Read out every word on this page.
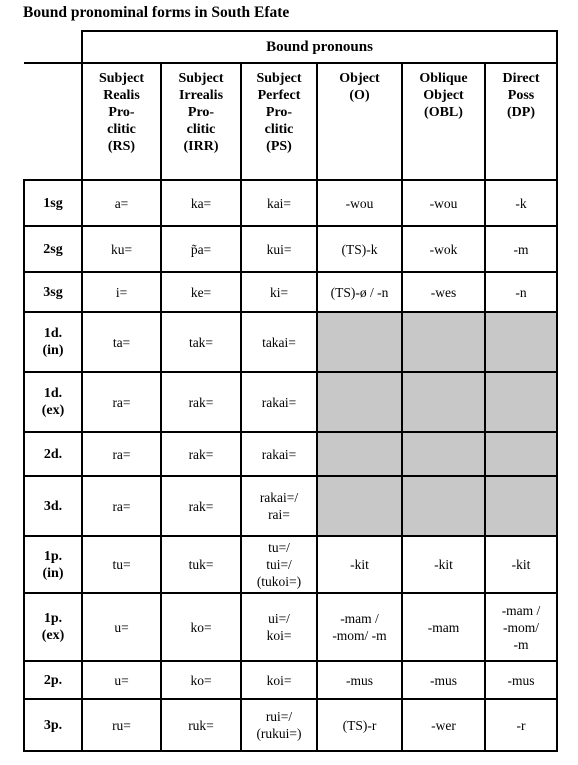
Bound pronominal forms in South Efate
	Bound pronouns					

	Subject
Realis
Pro-
clitic
(RS)	Subject
Irrealis
Pro-
clitic
(IRR)	Subject
Perfect
Pro-
clitic
(PS)	Object
(O)	Oblique
Object
(OBL)	Direct
Poss
(DP)

1sg	a=	ka=	kai=	-wou	-wou	-k

2sg	ku=	p̃a=	kui=	(TS)-k	-wok	-m

3sg	i=	ke=	ki=	(TS)-ø / -n	-wes	-n

1d.
(in)	ta=	tak=	takai=			

1d.
(ex)	ra=	rak=	rakai=			

2d.	ra=	rak=	rakai=			

3d.	ra=	rak=	rakai=/
rai=			

1p.
(in)	tu=	tuk=	tu=/
tui=/
(tukoi=)	-kit	-kit	-kit

1p.
(ex)	u=	ko=	ui=/
koi=	-mam /
-mom/ -m	-mam	-mam /
-mom/
-m

2p.	u=	ko=	koi=	-mus	-mus	-mus

3p.	ru=	ruk=	rui=/
(rukui=)	(TS)-r	-wer	-r
